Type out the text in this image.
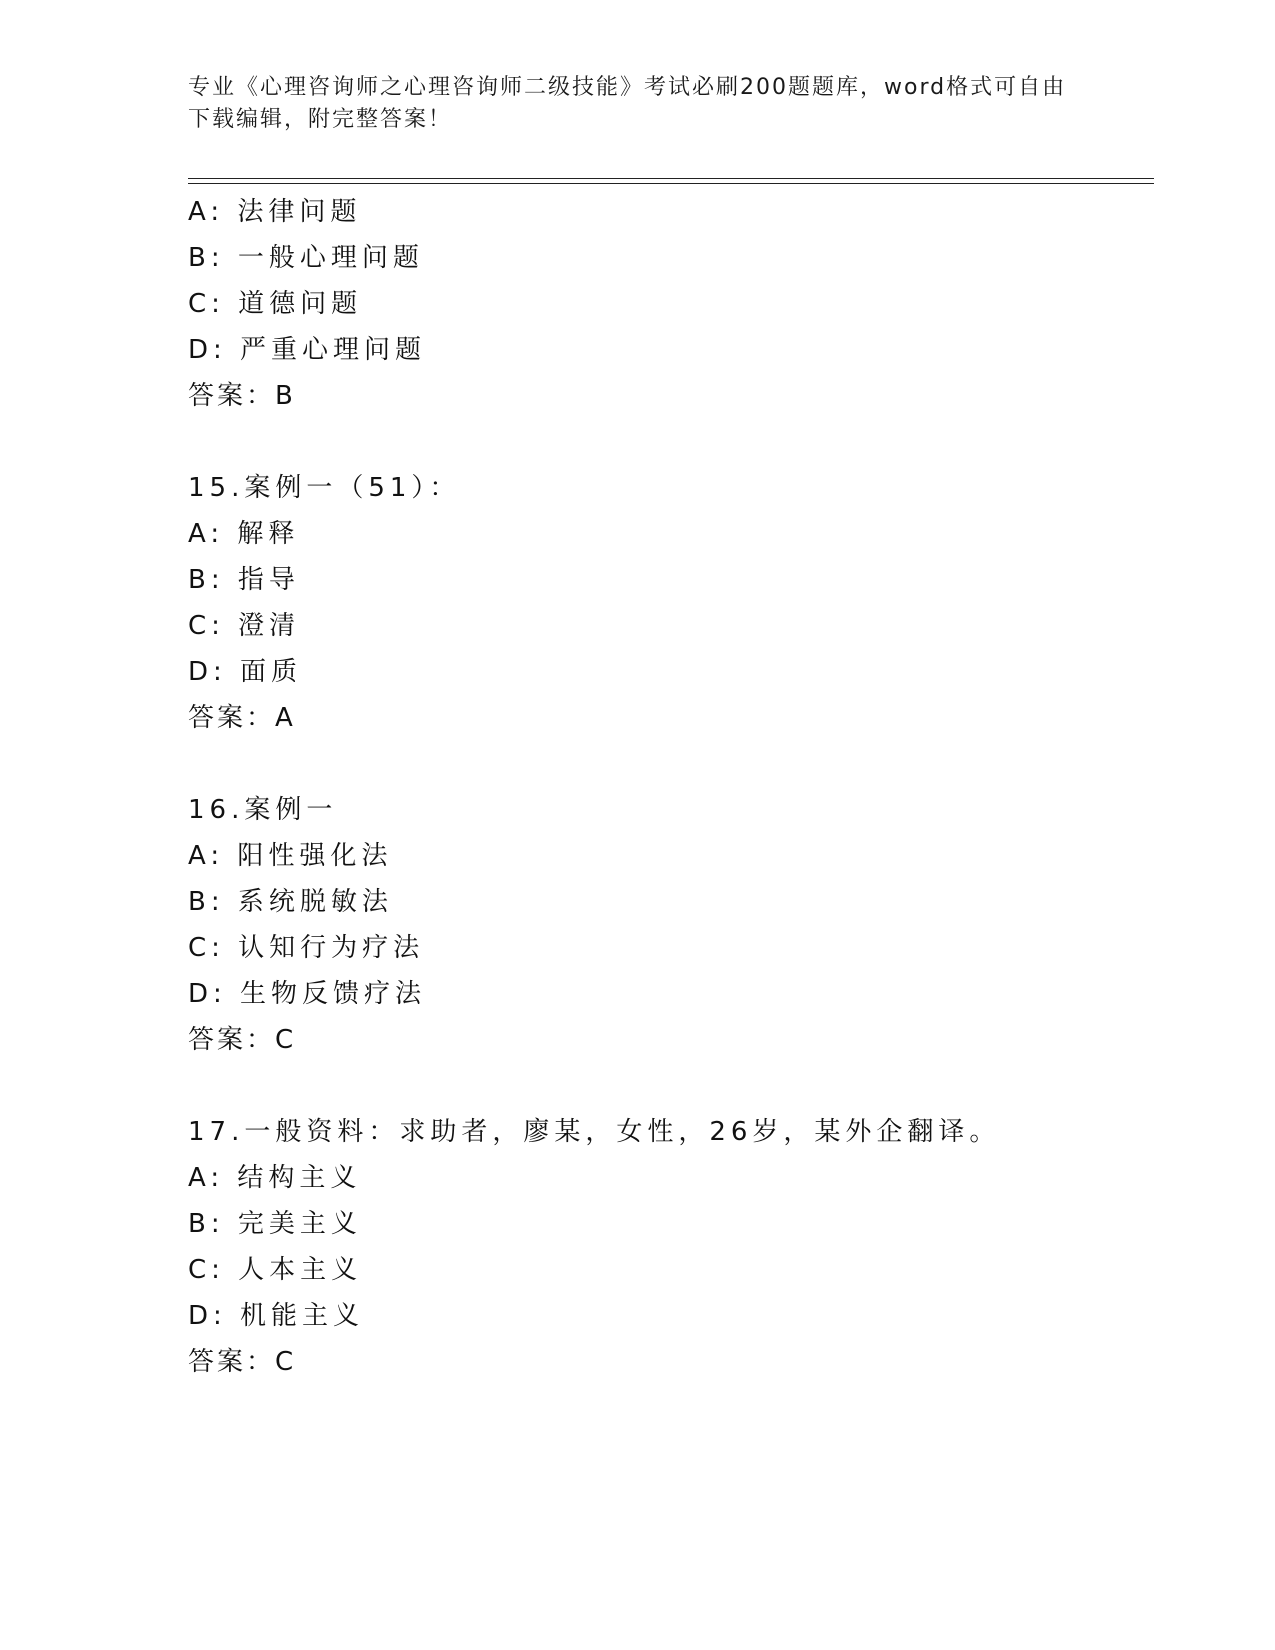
专业《心理咨询师之心理咨询师二级技能》考试必刷200题题库，word格式可自由下载编辑，附完整答案！
A: 法律问题
B: 一般心理问题
C: 道德问题
D: 严重心理问题
答案：B
15.案例一（51）：
A: 解释
B: 指导
C: 澄清
D: 面质
答案：A
16.案例一
A: 阳性强化法
B: 系统脱敏法
C: 认知行为疗法
D: 生物反馈疗法
答案：C
17.一般资料：求助者，廖某，女性，26岁，某外企翻译。
A: 结构主义
B: 完美主义
C: 人本主义
D: 机能主义
答案：C
